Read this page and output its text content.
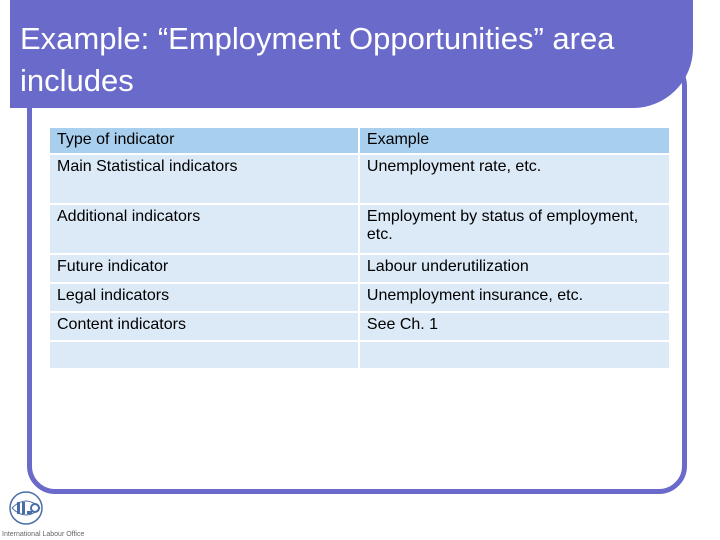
Example: “Employment Opportunities” area includes
Type of indicator	Example
Main Statistical indicators	Unemployment rate, etc.
Additional indicators	Employment by status of employment, etc.
Future indicator	Labour underutilization
Legal indicators	Unemployment insurance, etc.
Content indicators	See Ch. 1

International Labour Office
